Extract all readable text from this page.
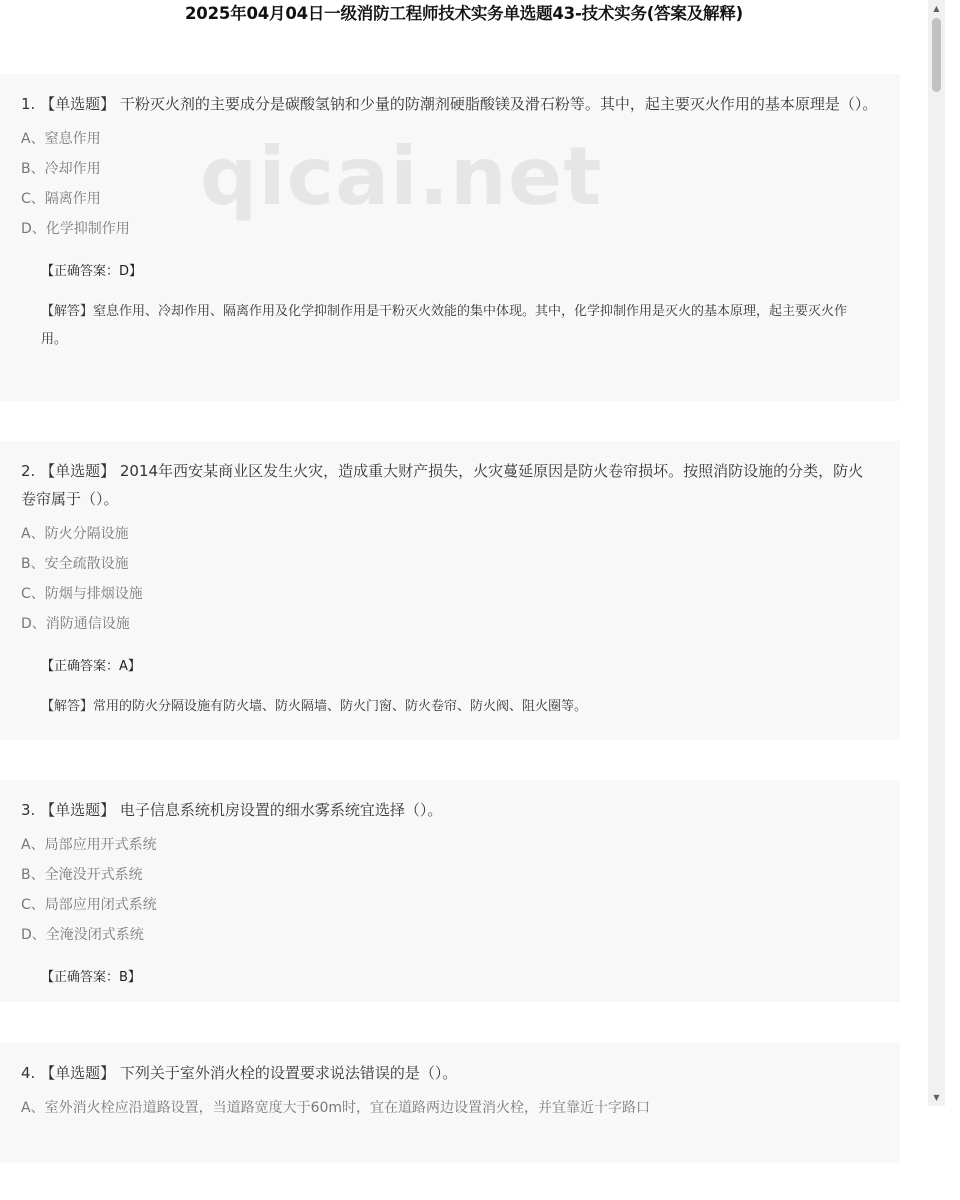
2025年04月04日一级消防工程师技术实务单选题43-技术实务(答案及解释)

1. 【单选题】 干粉灭火剂的主要成分是碳酸氢钠和少量的防潮剂硬脂酸镁及滑石粉等。其中，起主要灭火作用的基本原理是（）。

A、窒息作用
B、冷却作用
C、隔离作用
D、化学抑制作用
【正确答案：D】
【解答】窒息作用、冷却作用、隔离作用及化学抑制作用是干粉灭火效能的集中体现。其中，化学抑制作用是灭火的基本原理，起主要灭火作用。

2. 【单选题】 2014年西安某商业区发生火灾，造成重大财产损失，火灾蔓延原因是防火卷帘损坏。按照消防设施的分类，防火卷帘属于（）。

A、防火分隔设施
B、安全疏散设施
C、防烟与排烟设施
D、消防通信设施
【正确答案：A】
【解答】常用的防火分隔设施有防火墙、防火隔墙、防火门窗、防火卷帘、防火阀、阻火圈等。

3. 【单选题】 电子信息系统机房设置的细水雾系统宜选择（）。

A、局部应用开式系统
B、全淹没开式系统
C、局部应用闭式系统
D、全淹没闭式系统
【正确答案：B】

4. 【单选题】 下列关于室外消火栓的设置要求说法错误的是（）。

A、室外消火栓应沿道路设置，当道路宽度大于60m时，宜在道路两边设置消火栓，并宜靠近十字路口
▲
▼
